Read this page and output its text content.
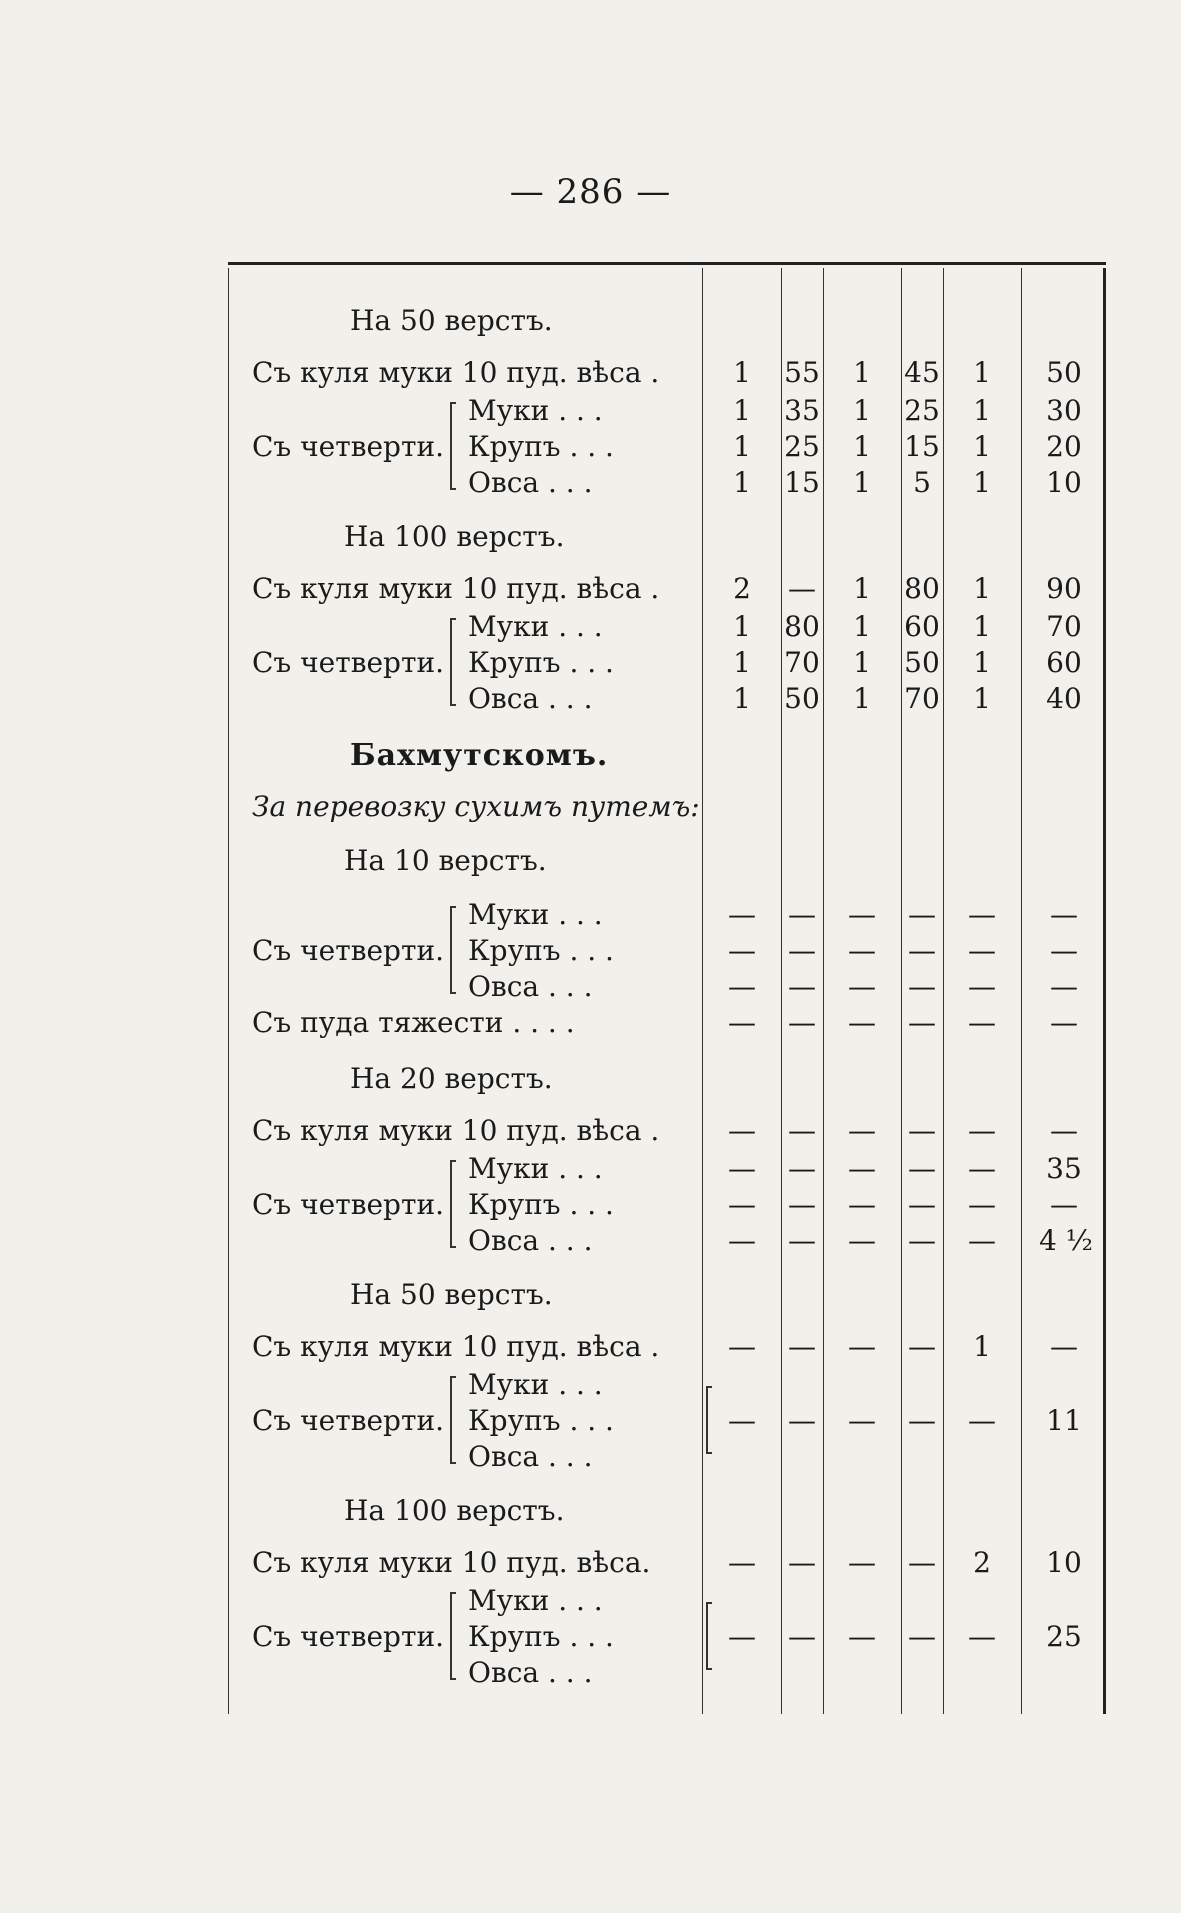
— 286 —
На 50 верстъ.
Съ куля муки 10 пуд. вѣса .	1	55	1	45	1	50
Съ четверти.
Муки . . .	1	35	1	25	1	30
Крупъ . . .	1	25	1	15	1	20
Овса . . .	1	15	1	5	1	10
На 100 верстъ.
Съ куля муки 10 пуд. вѣса .	2	—	1	80	1	90
Съ четверти.
Муки . . .	1	80	1	60	1	70
Крупъ . . .	1	70	1	50	1	60
Овса . . .	1	50	1	70	1	40
Бахмутскомъ.
За перевозку сухимъ путемъ:
На 10 верстъ.
Съ четверти.
Муки . . .	— — — — — —
Крупъ . . .	— — — — — —
Овса . . .	— — — — — —
Съ пуда тяжести . . . .	— — — — — —
На 20 верстъ.
Съ куля муки 10 пуд. вѣса . — — — — — —
Съ четверти.
Муки . . .	— — — — — 35
Крупъ . . .	— — — — — —
Овса . . .	— — — — — 4 ½
На 50 верстъ.
Съ куля муки 10 пуд. вѣса . — — — —	1	—
Муки . . .
Съ четверти. Крупъ . . .	— — — — — 11
Овса . . .
На 100 верстъ.
Съ куля муки 10 пуд. вѣса.	— — — —	2	10
Муки . . .
Съ четверти. Крупъ . . .	— — — — — 25
Овса . . .
